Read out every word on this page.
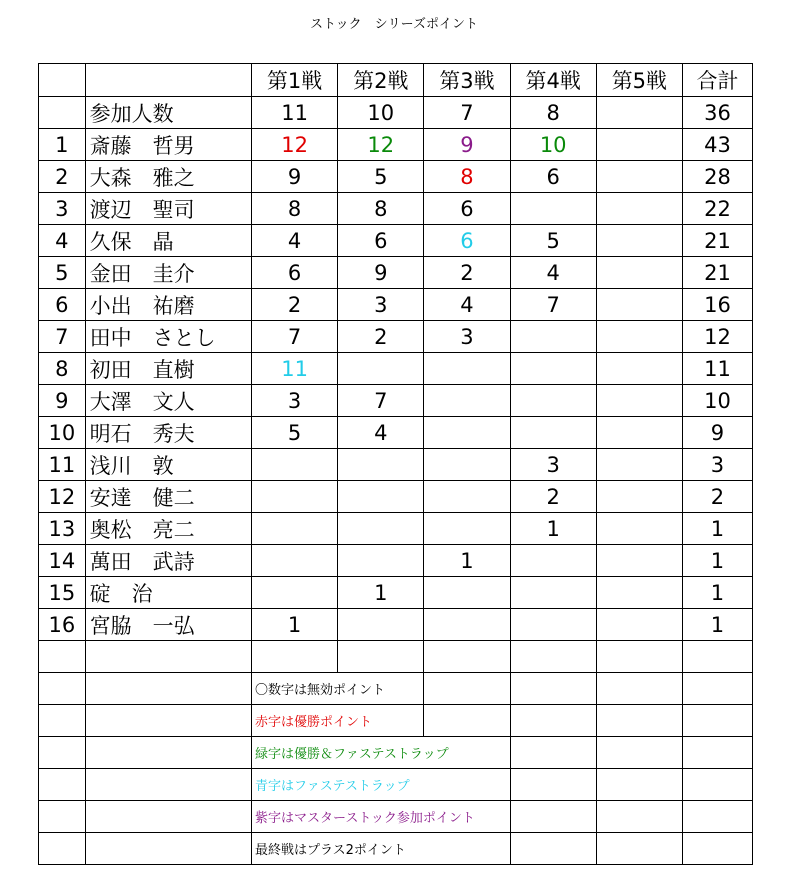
ストック　シリーズポイント
		第1戦	第2戦	第3戦	第4戦	第5戦	合計
	参加人数	11	10	7	8		36
1	斎藤　哲男	12	12	9	10		43
2	大森　雅之	9	5	8	6		28
3	渡辺　聖司	8	8	6			22
4	久保　晶	4	6	6	5		21
5	金田　圭介	6	9	2	4		21
6	小出　祐磨	2	3	4	7		16
7	田中　さとし	7	2	3			12
8	初田　直樹	11					11
9	大澤　文人	3	7				10
10	明石　秀夫	5	4				9
11	浅川　敦				3		3
12	安達　健二				2		2
13	奥松　亮二				1		1
14	萬田　武詩			1			1
15	碇　治		1				1
16	宮脇　一弘	1					1

		〇数字は無効ポイント					
		赤字は優勝ポイント					
		緑字は優勝＆ファステストラップ					
		青字はファステストラップ					
		紫字はマスターストック参加ポイント					
		最終戦はプラス2ポイント					
